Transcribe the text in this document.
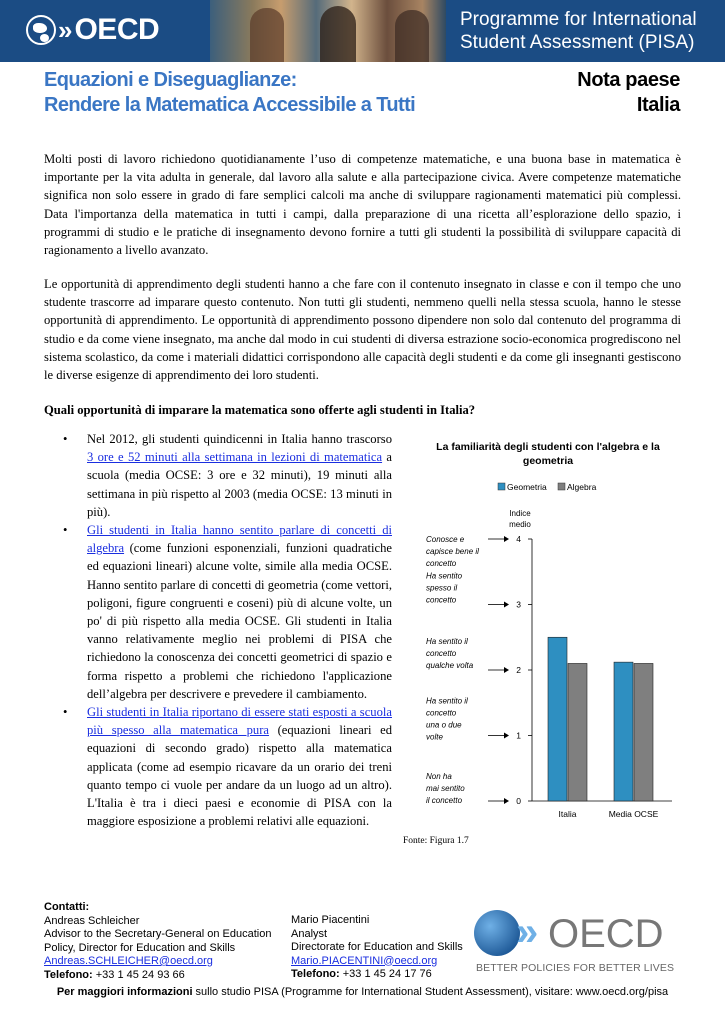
» OECD	Programme for International
Student Assessment (PISA)
Equazioni e Diseguaglianze:
Rendere la Matematica Accessibile a Tutti
Nota paese
Italia

Molti posti di lavoro richiedono quotidianamente l’uso di competenze matematiche, e una buona base in matematica è importante per la vita adulta in generale, dal lavoro alla salute e alla partecipazione civica. Avere competenze matematiche significa non solo essere in grado di fare semplici calcoli ma anche di sviluppare ragionamenti matematici più complessi. Data l'importanza della matematica in tutti i campi, dalla preparazione di una ricetta all’esplorazione dello spazio, i programmi di studio e le pratiche di insegnamento devono fornire a tutti gli studenti la possibilità di sviluppare capacità di ragionamento a livello avanzato.

Le opportunità di apprendimento degli studenti hanno a che fare con il contenuto insegnato in classe e con il tempo che uno studente trascorre ad imparare questo contenuto. Non tutti gli studenti, nemmeno quelli nella stessa scuola, hanno le stesse opportunità di apprendimento. Le opportunità di apprendimento possono dipendere non solo dal contenuto del programma di studio e da come viene insegnato, ma anche dal modo in cui studenti di diversa estrazione socio-economica progrediscono nel sistema scolastico, da come i materiali didattici corrispondono alle capacità degli studenti e da come gli insegnanti gestiscono le diverse esigenze di apprendimento dei loro studenti.

Quali opportunità di imparare la matematica sono offerte agli studenti in Italia?
• Nel 2012, gli studenti quindicenni in Italia hanno trascorso 3 ore e 52 minuti alla settimana in lezioni di matematica a scuola (media OCSE: 3 ore e 32 minuti), 19 minuti alla settimana in più rispetto al 2003 (media OCSE: 13 minuti in più).
• Gli studenti in Italia hanno sentito parlare di concetti di algebra (come funzioni esponenziali, funzioni quadratiche ed equazioni lineari) alcune volte, simile alla media OCSE. Hanno sentito parlare di concetti di geometria (come vettori, poligoni, figure congruenti e coseni) più di alcune volte, un po' di più rispetto alla media OCSE. Gli studenti in Italia vanno relativamente meglio nei problemi di PISA che richiedono la conoscenza dei concetti geometrici di spazio e forma rispetto a problemi che richiedono l'applicazione dell’algebra per descrivere e prevedere il cambiamento.
• Gli studenti in Italia riportano di essere stati esposti a scuola più spesso alla matematica pura (equazioni lineari ed equazioni di secondo grado) rispetto alla matematica applicata (come ad esempio ricavare da un orario dei treni quanto tempo ci vuole per andare da un luogo ad un altro). L'Italia è tra i dieci paesi e economie di PISA con la maggiore esposizione a problemi relativi alle equazioni.
La familiarità degli studenti con l'algebra e la geometria
Geometria Algebra
Indice
medio
0
1
2
3
4
Conosce e
capisce bene il
concetto
Ha sentito
spesso il
concetto
Ha sentito il
concetto
qualche volta
Ha sentito il
concetto
una o due
volte
Non ha
mai sentito
il concetto
Italia	Media OCSE
Fonte: Figura 1.7
Contatti:
Andreas Schleicher
Advisor to the Secretary-General on Education
Policy, Director for Education and Skills
Andreas.SCHLEICHER@oecd.org
Telefono: +33 1 45 24 93 66
Mario Piacentini
Analyst
Directorate for Education and Skills
Mario.PIACENTINI@oecd.org
Telefono: +33 1 45 24 17 76
» OECD
BETTER POLICIES FOR BETTER LIVES
Per maggiori informazioni sullo studio PISA (Programme for International Student Assessment), visitare: www.oecd.org/pisa
